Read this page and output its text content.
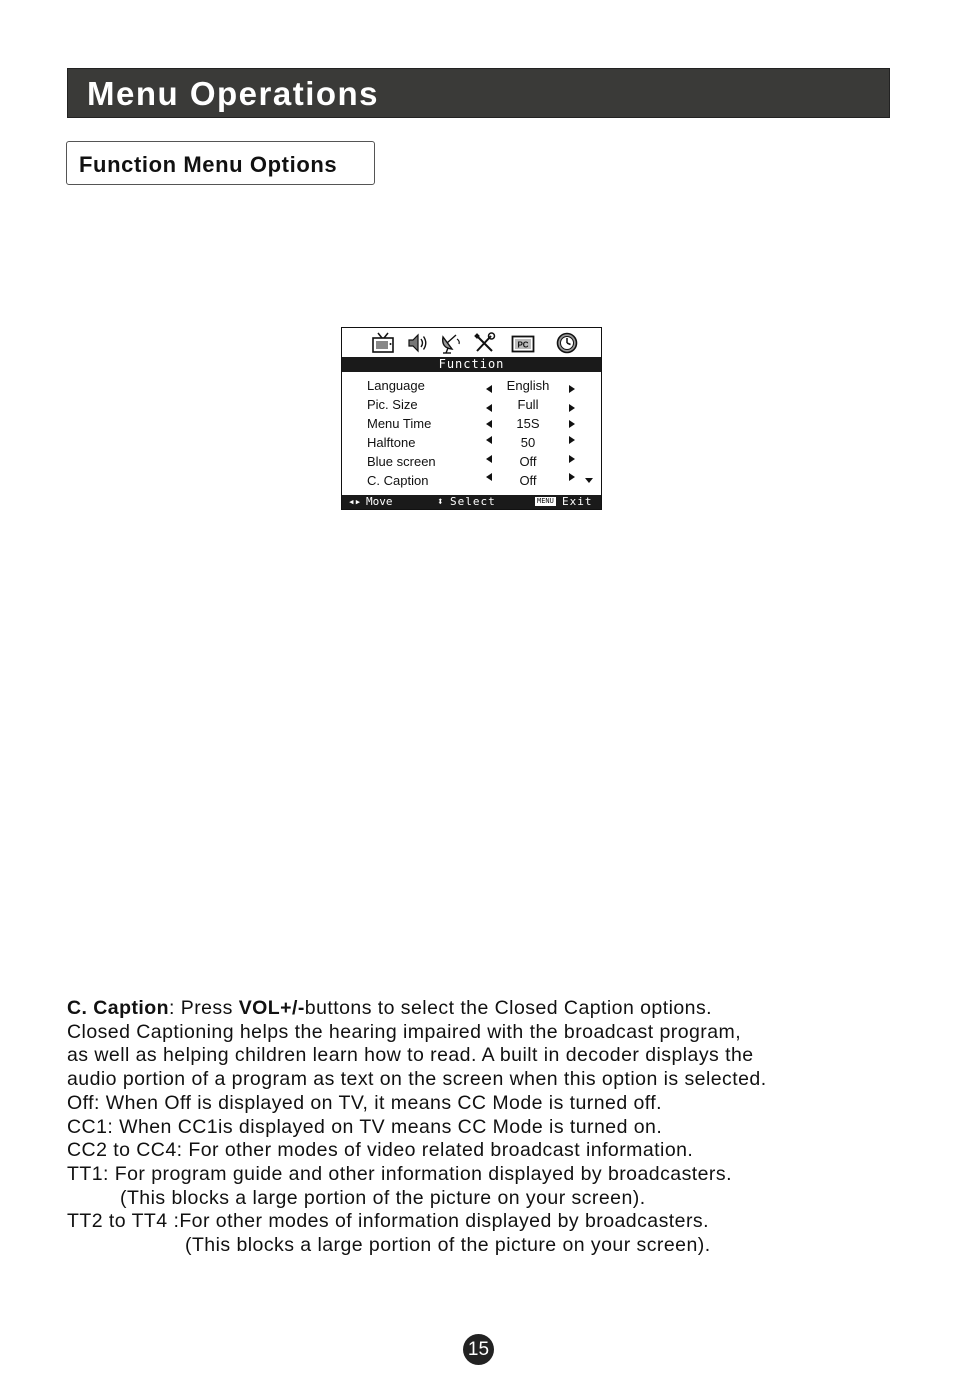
Menu Operations
Function Menu Options
PC
Function
Language	English
Pic. Size	Full
Menu Time	15S
Halftone	50
Blue screen	Off
C. Caption	Off
◂▸ Move	⬍ Select	MENU Exit

C. Caption: Press VOL+/-buttons to select the Closed Caption options.

Closed Captioning helps the hearing impaired with the broadcast program,

as well as helping children learn how to read. A built in decoder displays the

audio portion of a program as text on the screen when this option is selected.

Off: When Off is displayed on TV, it means CC Mode is turned off.

CC1: When CC1is displayed on TV means CC Mode is turned on.

CC2 to CC4: For other modes of video related broadcast information.

TT1: For program guide and other information displayed by broadcasters.

(This blocks a large portion of the picture on your screen).

TT2 to TT4 :For other modes of information displayed by broadcasters.

(This blocks a large portion of the picture on your screen).

15
